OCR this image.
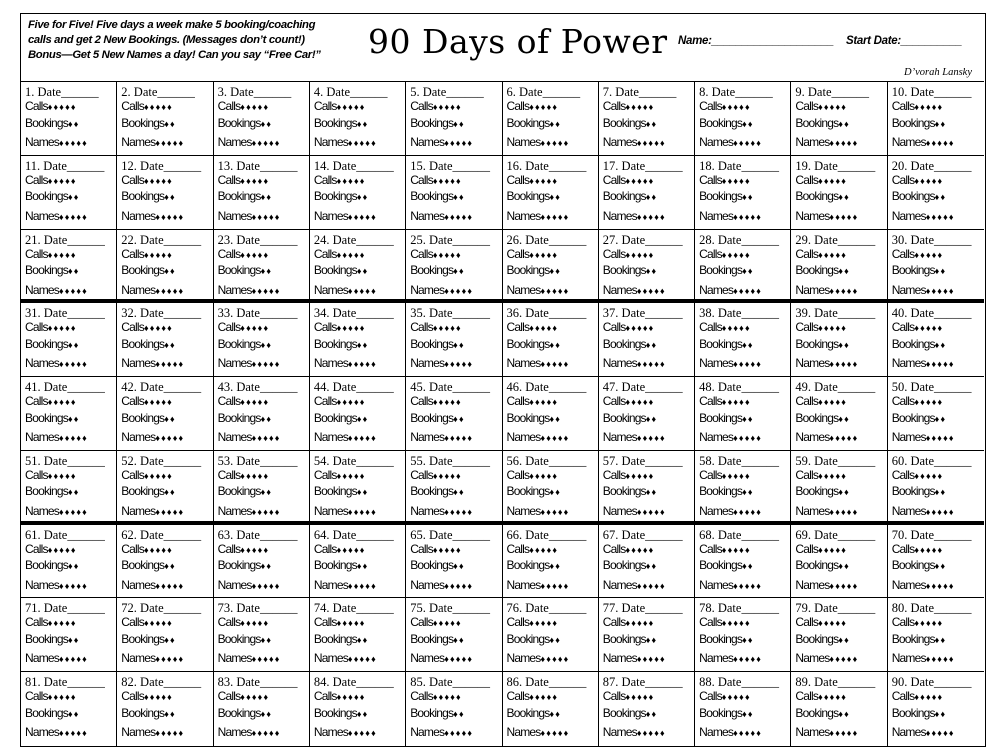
Five for Five! Five days a week make 5 booking/coaching
calls and get 2 New Bookings. (Messages don’t count!)
Bonus—Get 5 New Names a day! Can you say “Free Car!”	90 Days of Power Name:____________________ Start Date:__________
D’vorah Lansky
1. Date______
Calls♦♦♦♦♦
Bookings♦♦
Names♦♦♦♦♦
2. Date______
Calls♦♦♦♦♦
Bookings♦♦
Names♦♦♦♦♦
3. Date______
Calls♦♦♦♦♦
Bookings♦♦
Names♦♦♦♦♦
4. Date______
Calls♦♦♦♦♦
Bookings♦♦
Names♦♦♦♦♦
5. Date______
Calls♦♦♦♦♦
Bookings♦♦
Names♦♦♦♦♦
6. Date______
Calls♦♦♦♦♦
Bookings♦♦
Names♦♦♦♦♦
7. Date______
Calls♦♦♦♦♦
Bookings♦♦
Names♦♦♦♦♦
8. Date______
Calls♦♦♦♦♦
Bookings♦♦
Names♦♦♦♦♦
9. Date______
Calls♦♦♦♦♦
Bookings♦♦
Names♦♦♦♦♦
10. Date______
Calls♦♦♦♦♦
Bookings♦♦
Names♦♦♦♦♦
11. Date______
Calls♦♦♦♦♦
Bookings♦♦
Names♦♦♦♦♦
12. Date______
Calls♦♦♦♦♦
Bookings♦♦
Names♦♦♦♦♦
13. Date______
Calls♦♦♦♦♦
Bookings♦♦
Names♦♦♦♦♦
14. Date______
Calls♦♦♦♦♦
Bookings♦♦
Names♦♦♦♦♦
15. Date______
Calls♦♦♦♦♦
Bookings♦♦
Names♦♦♦♦♦
16. Date______
Calls♦♦♦♦♦
Bookings♦♦
Names♦♦♦♦♦
17. Date______
Calls♦♦♦♦♦
Bookings♦♦
Names♦♦♦♦♦
18. Date______
Calls♦♦♦♦♦
Bookings♦♦
Names♦♦♦♦♦
19. Date______
Calls♦♦♦♦♦
Bookings♦♦
Names♦♦♦♦♦
20. Date______
Calls♦♦♦♦♦
Bookings♦♦
Names♦♦♦♦♦
21. Date______
Calls♦♦♦♦♦
Bookings♦♦
Names♦♦♦♦♦
22. Date______
Calls♦♦♦♦♦
Bookings♦♦
Names♦♦♦♦♦
23. Date______
Calls♦♦♦♦♦
Bookings♦♦
Names♦♦♦♦♦
24. Date______
Calls♦♦♦♦♦
Bookings♦♦
Names♦♦♦♦♦
25. Date______
Calls♦♦♦♦♦
Bookings♦♦
Names♦♦♦♦♦
26. Date______
Calls♦♦♦♦♦
Bookings♦♦
Names♦♦♦♦♦
27. Date______
Calls♦♦♦♦♦
Bookings♦♦
Names♦♦♦♦♦
28. Date______
Calls♦♦♦♦♦
Bookings♦♦
Names♦♦♦♦♦
29. Date______
Calls♦♦♦♦♦
Bookings♦♦
Names♦♦♦♦♦
30. Date______
Calls♦♦♦♦♦
Bookings♦♦
Names♦♦♦♦♦
31. Date______
Calls♦♦♦♦♦
Bookings♦♦
Names♦♦♦♦♦
32. Date______
Calls♦♦♦♦♦
Bookings♦♦
Names♦♦♦♦♦
33. Date______
Calls♦♦♦♦♦
Bookings♦♦
Names♦♦♦♦♦
34. Date______
Calls♦♦♦♦♦
Bookings♦♦
Names♦♦♦♦♦
35. Date______
Calls♦♦♦♦♦
Bookings♦♦
Names♦♦♦♦♦
36. Date______
Calls♦♦♦♦♦
Bookings♦♦
Names♦♦♦♦♦
37. Date______
Calls♦♦♦♦♦
Bookings♦♦
Names♦♦♦♦♦
38. Date______
Calls♦♦♦♦♦
Bookings♦♦
Names♦♦♦♦♦
39. Date______
Calls♦♦♦♦♦
Bookings♦♦
Names♦♦♦♦♦
40. Date______
Calls♦♦♦♦♦
Bookings♦♦
Names♦♦♦♦♦
41. Date______
Calls♦♦♦♦♦
Bookings♦♦
Names♦♦♦♦♦
42. Date______
Calls♦♦♦♦♦
Bookings♦♦
Names♦♦♦♦♦
43. Date______
Calls♦♦♦♦♦
Bookings♦♦
Names♦♦♦♦♦
44. Date______
Calls♦♦♦♦♦
Bookings♦♦
Names♦♦♦♦♦
45. Date______
Calls♦♦♦♦♦
Bookings♦♦
Names♦♦♦♦♦
46. Date______
Calls♦♦♦♦♦
Bookings♦♦
Names♦♦♦♦♦
47. Date______
Calls♦♦♦♦♦
Bookings♦♦
Names♦♦♦♦♦
48. Date______
Calls♦♦♦♦♦
Bookings♦♦
Names♦♦♦♦♦
49. Date______
Calls♦♦♦♦♦
Bookings♦♦
Names♦♦♦♦♦
50. Date______
Calls♦♦♦♦♦
Bookings♦♦
Names♦♦♦♦♦
51. Date______
Calls♦♦♦♦♦
Bookings♦♦
Names♦♦♦♦♦
52. Date______
Calls♦♦♦♦♦
Bookings♦♦
Names♦♦♦♦♦
53. Date______
Calls♦♦♦♦♦
Bookings♦♦
Names♦♦♦♦♦
54. Date______
Calls♦♦♦♦♦
Bookings♦♦
Names♦♦♦♦♦
55. Date______
Calls♦♦♦♦♦
Bookings♦♦
Names♦♦♦♦♦
56. Date______
Calls♦♦♦♦♦
Bookings♦♦
Names♦♦♦♦♦
57. Date______
Calls♦♦♦♦♦
Bookings♦♦
Names♦♦♦♦♦
58. Date______
Calls♦♦♦♦♦
Bookings♦♦
Names♦♦♦♦♦
59. Date______
Calls♦♦♦♦♦
Bookings♦♦
Names♦♦♦♦♦
60. Date______
Calls♦♦♦♦♦
Bookings♦♦
Names♦♦♦♦♦
61. Date______
Calls♦♦♦♦♦
Bookings♦♦
Names♦♦♦♦♦
62. Date______
Calls♦♦♦♦♦
Bookings♦♦
Names♦♦♦♦♦
63. Date______
Calls♦♦♦♦♦
Bookings♦♦
Names♦♦♦♦♦
64. Date______
Calls♦♦♦♦♦
Bookings♦♦
Names♦♦♦♦♦
65. Date______
Calls♦♦♦♦♦
Bookings♦♦
Names♦♦♦♦♦
66. Date______
Calls♦♦♦♦♦
Bookings♦♦
Names♦♦♦♦♦
67. Date______
Calls♦♦♦♦♦
Bookings♦♦
Names♦♦♦♦♦
68. Date______
Calls♦♦♦♦♦
Bookings♦♦
Names♦♦♦♦♦
69. Date______
Calls♦♦♦♦♦
Bookings♦♦
Names♦♦♦♦♦
70. Date______
Calls♦♦♦♦♦
Bookings♦♦
Names♦♦♦♦♦
71. Date______
Calls♦♦♦♦♦
Bookings♦♦
Names♦♦♦♦♦
72. Date______
Calls♦♦♦♦♦
Bookings♦♦
Names♦♦♦♦♦
73. Date______
Calls♦♦♦♦♦
Bookings♦♦
Names♦♦♦♦♦
74. Date______
Calls♦♦♦♦♦
Bookings♦♦
Names♦♦♦♦♦
75. Date______
Calls♦♦♦♦♦
Bookings♦♦
Names♦♦♦♦♦
76. Date______
Calls♦♦♦♦♦
Bookings♦♦
Names♦♦♦♦♦
77. Date______
Calls♦♦♦♦♦
Bookings♦♦
Names♦♦♦♦♦
78. Date______
Calls♦♦♦♦♦
Bookings♦♦
Names♦♦♦♦♦
79. Date______
Calls♦♦♦♦♦
Bookings♦♦
Names♦♦♦♦♦
80. Date______
Calls♦♦♦♦♦
Bookings♦♦
Names♦♦♦♦♦
81. Date______
Calls♦♦♦♦♦
Bookings♦♦
Names♦♦♦♦♦
82. Date______
Calls♦♦♦♦♦
Bookings♦♦
Names♦♦♦♦♦
83. Date______
Calls♦♦♦♦♦
Bookings♦♦
Names♦♦♦♦♦
84. Date______
Calls♦♦♦♦♦
Bookings♦♦
Names♦♦♦♦♦
85. Date______
Calls♦♦♦♦♦
Bookings♦♦
Names♦♦♦♦♦
86. Date______
Calls♦♦♦♦♦
Bookings♦♦
Names♦♦♦♦♦
87. Date______
Calls♦♦♦♦♦
Bookings♦♦
Names♦♦♦♦♦
88. Date______
Calls♦♦♦♦♦
Bookings♦♦
Names♦♦♦♦♦
89. Date______
Calls♦♦♦♦♦
Bookings♦♦
Names♦♦♦♦♦
90. Date______
Calls♦♦♦♦♦
Bookings♦♦
Names♦♦♦♦♦
